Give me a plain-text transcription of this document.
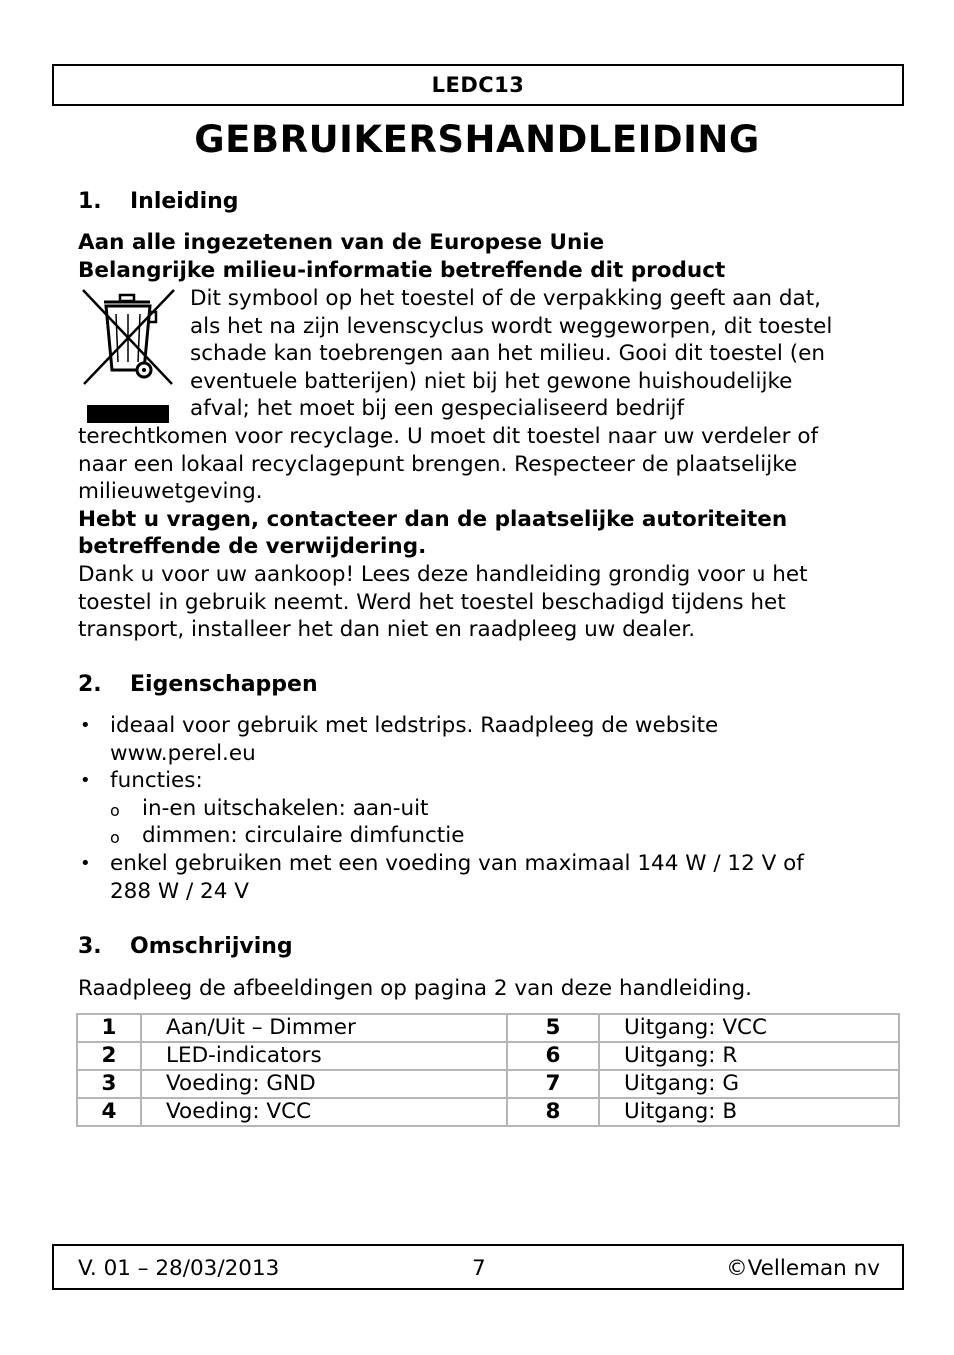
LEDC13
GEBRUIKERSHANDLEIDING
1. Inleiding
Aan alle ingezetenen van de Europese Unie
Belangrijke milieu-informatie betreffende dit product
Dit symbool op het toestel of de verpakking geeft aan dat,
als het na zijn levenscyclus wordt weggeworpen, dit toestel
schade kan toebrengen aan het milieu. Gooi dit toestel (en
eventuele batterijen) niet bij het gewone huishoudelijke
afval; het moet bij een gespecialiseerd bedrijf
terechtkomen voor recyclage. U moet dit toestel naar uw verdeler of
naar een lokaal recyclagepunt brengen. Respecteer de plaatselijke
milieuwetgeving.
Hebt u vragen, contacteer dan de plaatselijke autoriteiten
betreffende de verwijdering.
Dank u voor uw aankoop! Lees deze handleiding grondig voor u het
toestel in gebruik neemt. Werd het toestel beschadigd tijdens het
transport, installeer het dan niet en raadpleeg uw dealer.
2. Eigenschappen
• ideaal voor gebruik met ledstrips. Raadpleeg de website
www.perel.eu
• functies:
o in-en uitschakelen: aan-uit
o dimmen: circulaire dimfunctie
• enkel gebruiken met een voeding van maximaal 144 W / 12 V of
288 W / 24 V
3. Omschrijving
Raadpleeg de afbeeldingen op pagina 2 van deze handleiding.
1	Aan/Uit – Dimmer	5	Uitgang: VCC
2	LED-indicators	6	Uitgang: R
3	Voeding: GND	7	Uitgang: G
4	Voeding: VCC	8	Uitgang: B
V. 01 – 28/03/2013	7	©Velleman nv
